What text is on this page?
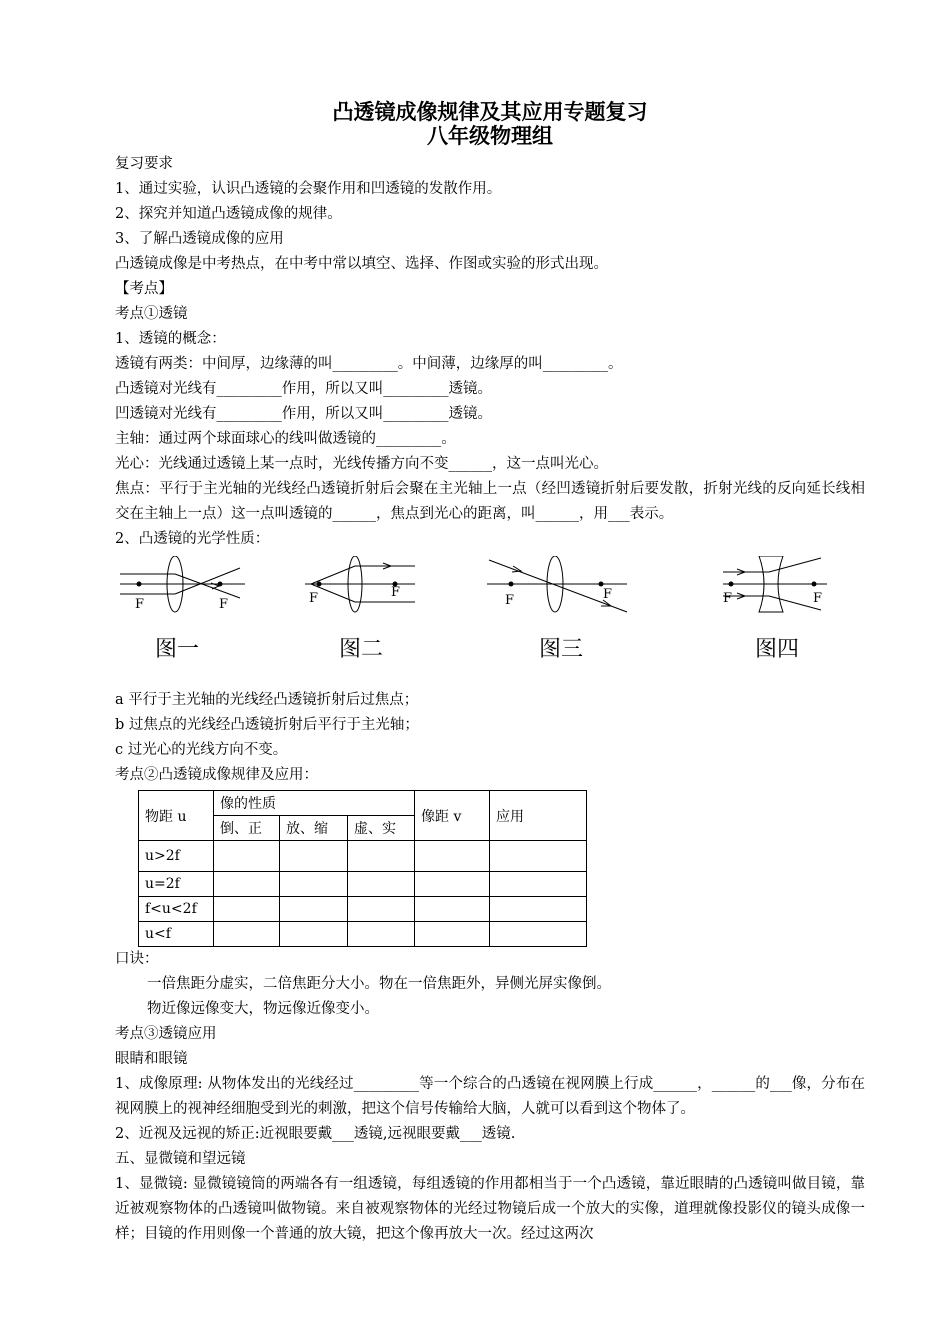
凸透镜成像规律及其应用专题复习

八年级物理组

复习要求
1、通过实验，认识凸透镜的会聚作用和凹透镜的发散作用。
2、探究并知道凸透镜成像的规律。
3、了解凸透镜成像的应用
凸透镜成像是中考热点，在中考中常以填空、选择、作图或实验的形式出现。
【考点】
考点①透镜
1、透镜的概念：
透镜有两类：中间厚，边缘薄的叫_________。中间薄，边缘厚的叫_________。
凸透镜对光线有_________作用，所以又叫_________透镜。
凹透镜对光线有_________作用，所以又叫_________透镜。
主轴：通过两个球面球心的线叫做透镜的_________。
光心：光线通过透镜上某一点时，光线传播方向不变______，这一点叫光心。
焦点：平行于主光轴的光线经凸透镜折射后会聚在主光轴上一点（经凹透镜折射后要发散，折射光线的反向延长线相交在主轴上一点）这一点叫透镜的______，焦点到光心的距离，叫______，用___表示。
2、凸透镜的光学性质：
F	F
图一
F	F
图二
F	F
图三
F	F
图四
a 平行于主光轴的光线经凸透镜折射后过焦点；
b 过焦点的光线经凸透镜折射后平行于主光轴；
c 过光心的光线方向不变。
考点②凸透镜成像规律及应用：
物距 u	像的性质			像距 v	应用
	倒、正	放、缩	虚、实		
u>2f					
u=2f					
f<u<2f					
u<f					
口诀：
一倍焦距分虚实，二倍焦距分大小。物在一倍焦距外，异侧光屏实像倒。
物近像远像变大，物远像近像变小。
考点③透镜应用
眼睛和眼镜
1、成像原理: 从物体发出的光线经过_________等一个综合的凸透镜在视网膜上行成______，______的___像，分布在视网膜上的视神经细胞受到光的刺激，把这个信号传输给大脑，人就可以看到这个物体了。
2、近视及远视的矫正:近视眼要戴___透镜,远视眼要戴___透镜.
五、显微镜和望远镜
1、显微镜: 显微镜镜筒的两端各有一组透镜，每组透镜的作用都相当于一个凸透镜，靠近眼睛的凸透镜叫做目镜，靠近被观察物体的凸透镜叫做物镜。来自被观察物体的光经过物镜后成一个放大的实像，道理就像投影仪的镜头成像一样；目镜的作用则像一个普通的放大镜，把这个像再放大一次。经过这两次
